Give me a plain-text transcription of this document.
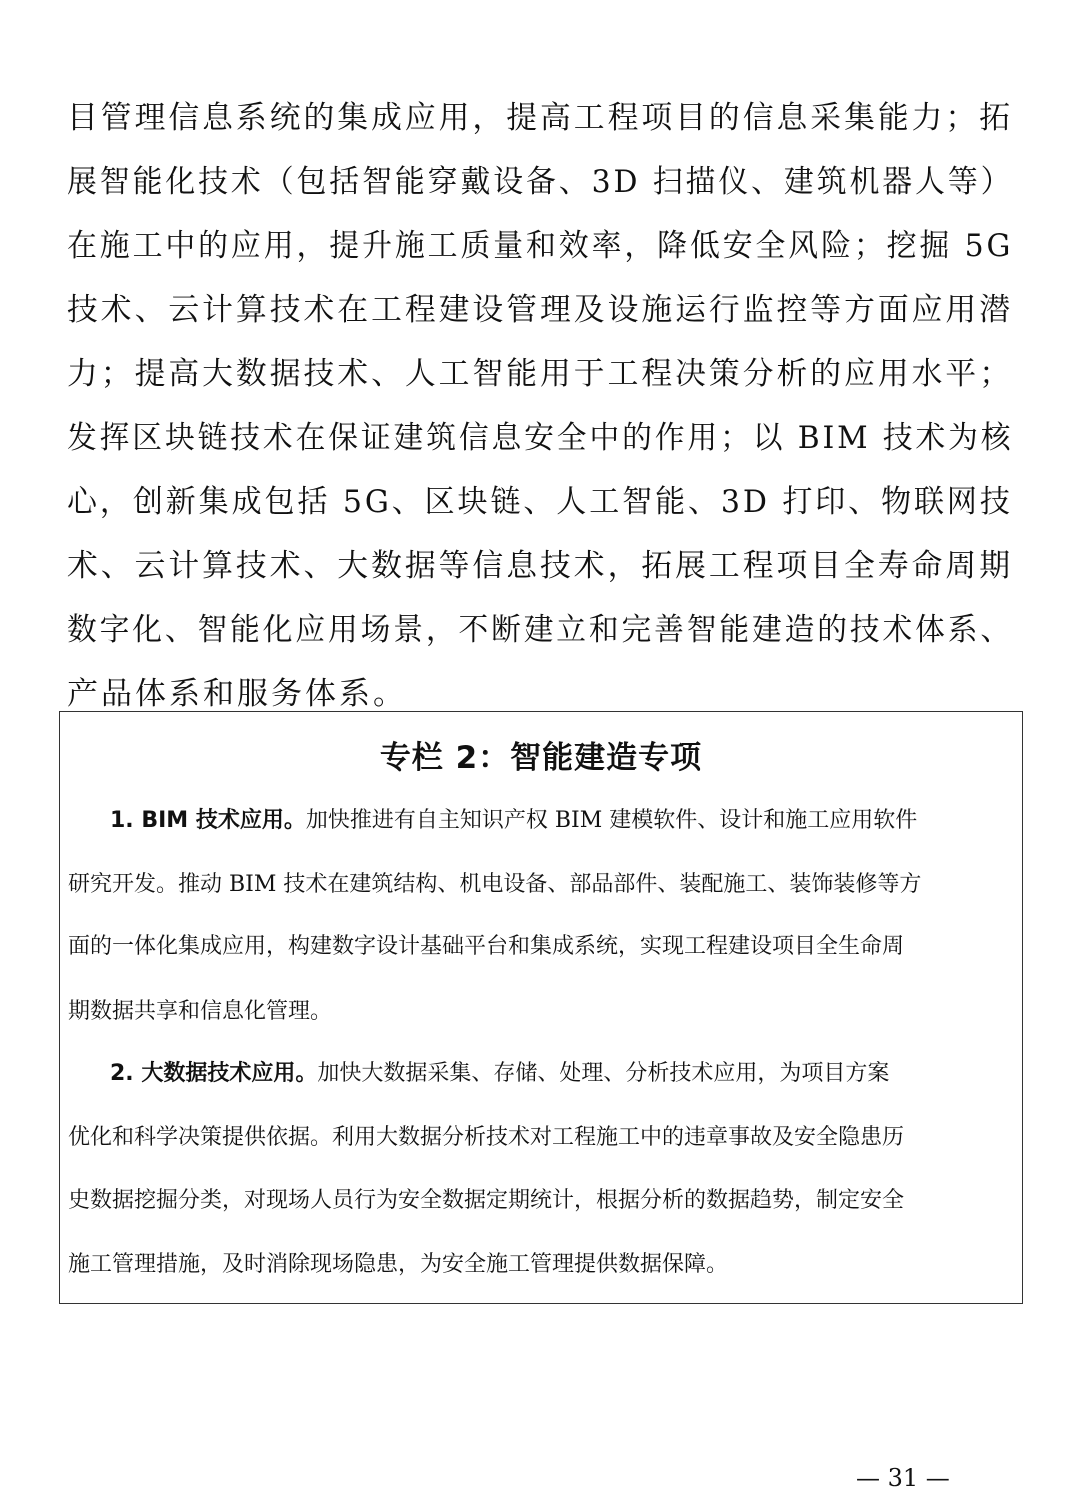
目管理信息系统的集成应用，提高工程项目的信息采集能力；拓
展智能化技术（包括智能穿戴设备、3D 扫描仪、建筑机器人等）
在施工中的应用，提升施工质量和效率，降低安全风险；挖掘 5G
技术、云计算技术在工程建设管理及设施运行监控等方面应用潜
力；提高大数据技术、人工智能用于工程决策分析的应用水平；
发挥区块链技术在保证建筑信息安全中的作用；以 BIM 技术为核
心，创新集成包括 5G、区块链、人工智能、3D 打印、物联网技
术、云计算技术、大数据等信息技术，拓展工程项目全寿命周期
数字化、智能化应用场景，不断建立和完善智能建造的技术体系、
产品体系和服务体系。
专栏 2：智能建造专项
1. BIM 技术应用。加快推进有自主知识产权 BIM 建模软件、设计和施工应用软件
研究开发。推动 BIM 技术在建筑结构、机电设备、部品部件、装配施工、装饰装修等方
面的一体化集成应用，构建数字设计基础平台和集成系统，实现工程建设项目全生命周
期数据共享和信息化管理。
2. 大数据技术应用。加快大数据采集、存储、处理、分析技术应用，为项目方案
优化和科学决策提供依据。利用大数据分析技术对工程施工中的违章事故及安全隐患历
史数据挖掘分类，对现场人员行为安全数据定期统计，根据分析的数据趋势，制定安全
施工管理措施，及时消除现场隐患，为安全施工管理提供数据保障。
— 31 —
